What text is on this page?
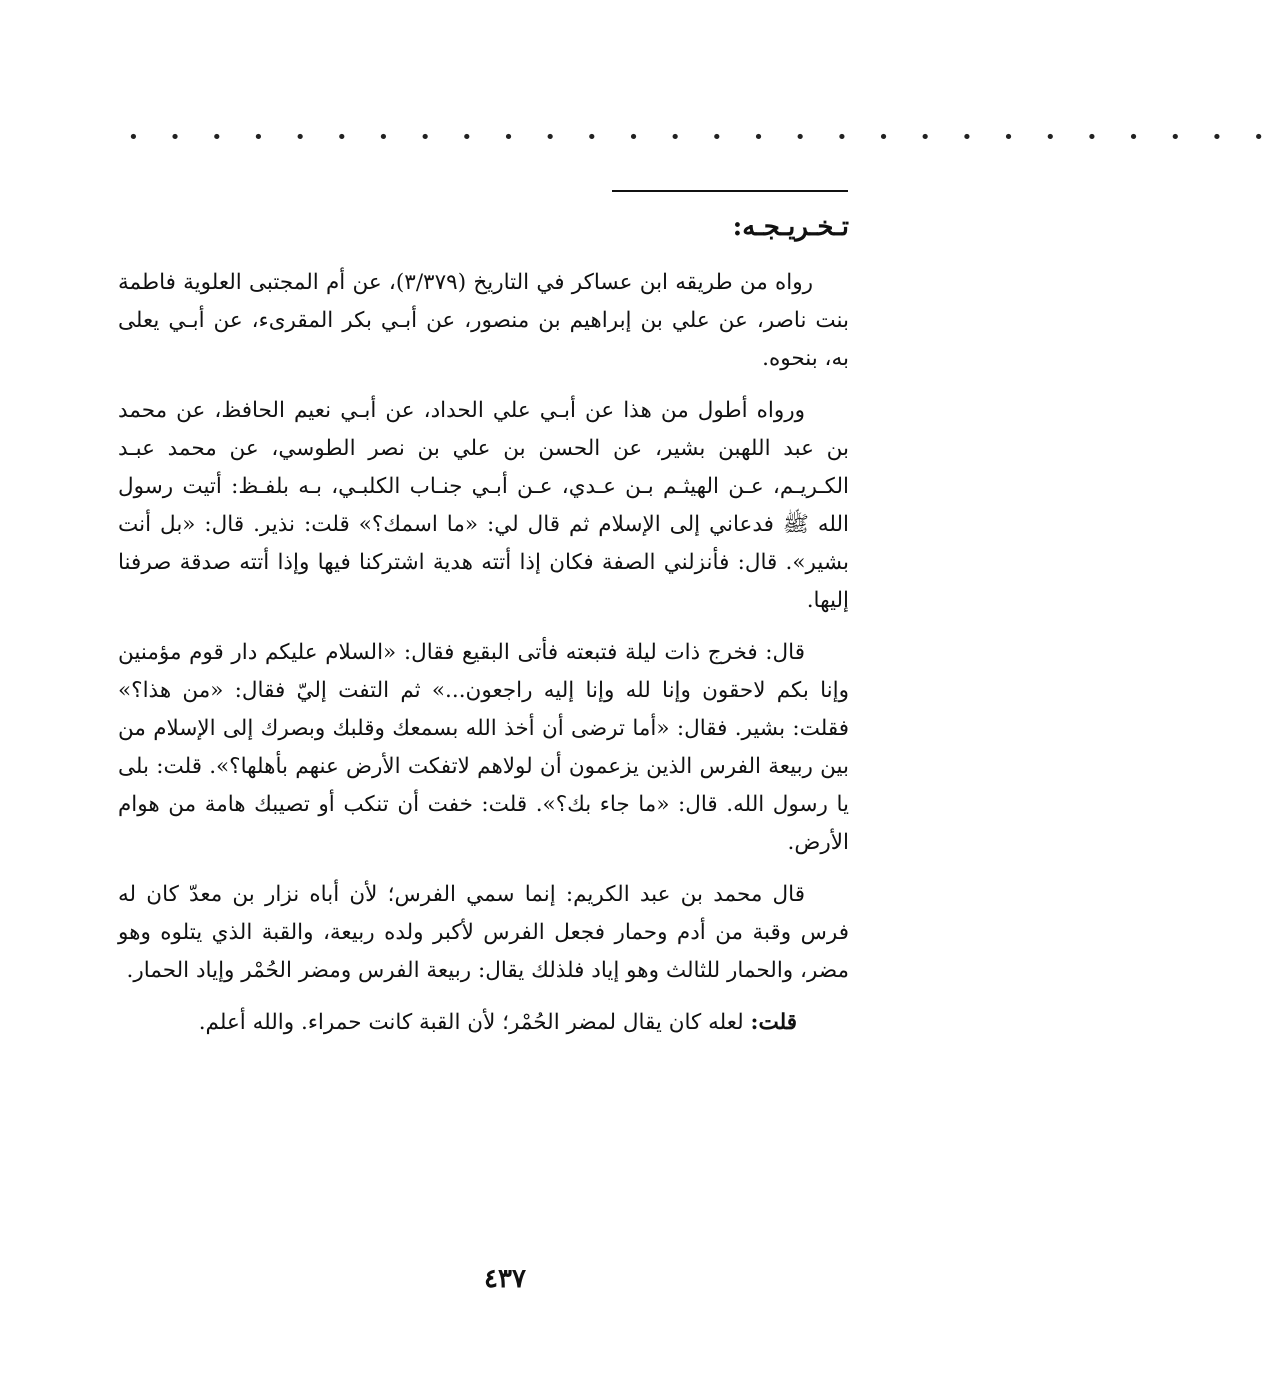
• • • • • • • • • • • • • • • • • • • • • • • • • • • •
تـخـريـجـه:

رواه من طريقه ابن عساكر في التاريخ (٣/٣٧٩)، عن أم المجتبى العلوية فاطمة بنت ناصر، عن علي بن إبراهيم بن منصور، عن أبـي بكر المقرىء، عن أبـي يعلى به، بنحوه.

ورواه أطول من هذا عن أبـي علي الحداد، عن أبـي نعيم الحافظ، عن محمد بن عبد اللهبن بشير، عن الحسن بن علي بن نصر الطوسي، عن محمد عبـد الكـريـم، عـن الهيثـم بـن عـدي، عـن أبـي جنـاب الكلبـي، بـه بلفـظ: أتيت رسول الله ﷺ فدعاني إلى الإسلام ثم قال لي: «ما اسمك؟» قلت: نذير. قال: «بل أنت بشير». قال: فأنزلني الصفة فكان إذا أتته هدية اشتركنا فيها وإذا أتته صدقة صرفنا إليها.

قال: فخرج ذات ليلة فتبعته فأتى البقيع فقال: «السلام عليكم دار قوم مؤمنين وإنا بكم لاحقون وإنا لله وإنا إليه راجعون...» ثم التفت إليّ فقال: «من هذا؟» فقلت: بشير. فقال: «أما ترضى أن أخذ الله بسمعك وقلبك وبصرك إلى الإسلام من بين ربيعة الفرس الذين يزعمون أن لولاهم لاتفكت الأرض عنهم بأهلها؟». قلت: بلى يا رسول الله. قال: «ما جاء بك؟». قلت: خفت أن تنكب أو تصيبك هامة من هوام الأرض.

قال محمد بن عبد الكريم: إنما سمي الفرس؛ لأن أباه نزار بن معدّ كان له فرس وقبة من أدم وحمار فجعل الفرس لأكبر ولده ربيعة، والقبة الذي يتلوه وهو مضر، والحمار للثالث وهو إياد فلذلك يقال: ربيعة الفرس ومضر الحُمْر وإياد الحمار.

قلت: لعله كان يقال لمضر الحُمْر؛ لأن القبة كانت حمراء. والله أعلم.

٤٣٧
